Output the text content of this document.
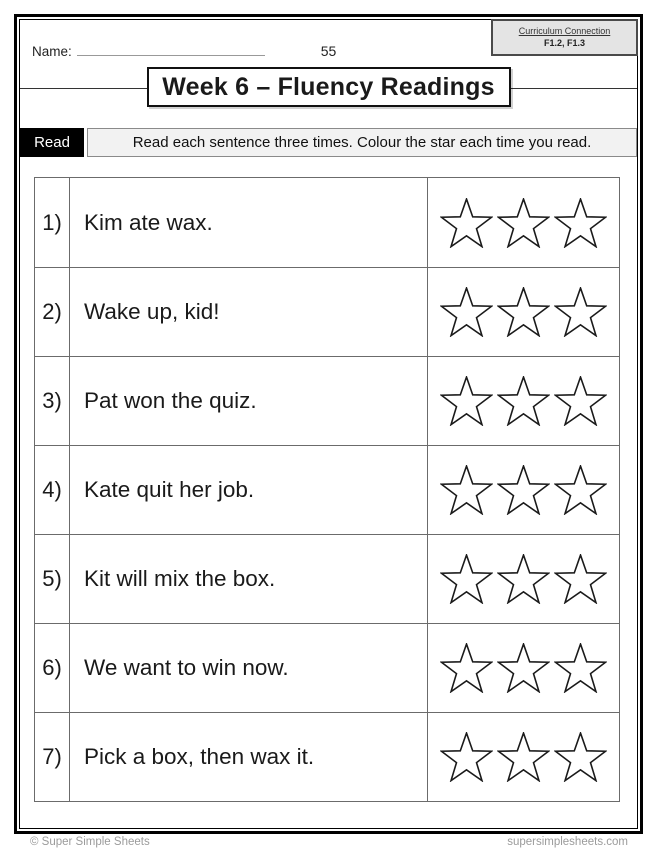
Name:	55
Curriculum Connection
F1.2, F1.3
Week 6 – Fluency Readings
Read	Read each sentence three times. Colour the star each time you read.
1) Kim ate wax.
2) Wake up, kid!
3) Pat won the quiz.
4) Kate quit her job.
5) Kit will mix the box.
6) We want to win now.
7) Pick a box, then wax it.
© Super Simple Sheets	supersimplesheets.com
